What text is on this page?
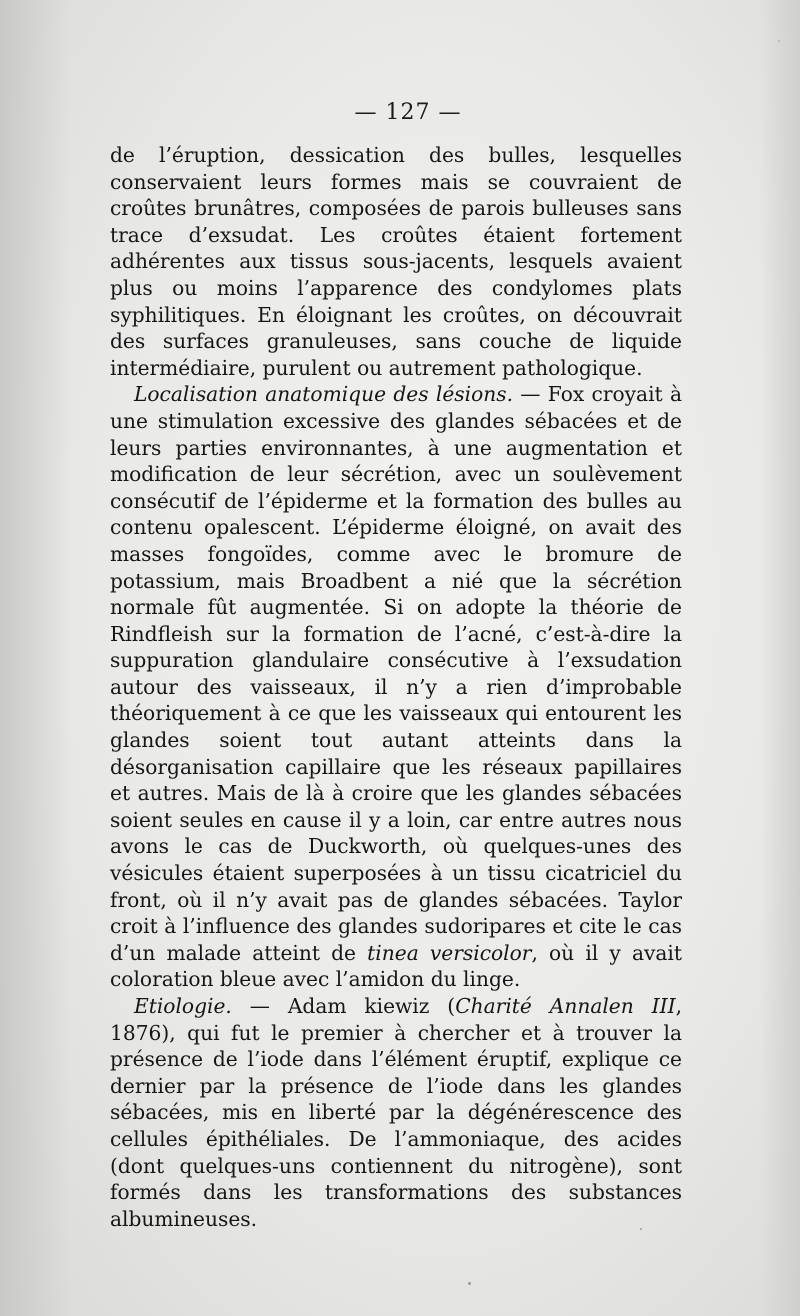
— 127 —

de l’éruption, dessication des bulles, lesquelles conservaient leurs formes mais se couvraient de croûtes brunâtres, composées de parois bulleuses sans trace d’exsudat. Les croûtes étaient fortement adhérentes aux tissus sous-jacents, lesquels avaient plus ou moins l’apparence des condylomes plats syphilitiques. En éloignant les croûtes, on découvrait des surfaces granuleuses, sans couche de liquide intermédiaire, purulent ou autrement pathologique.

Localisation anatomique des lésions. — Fox croyait à une stimulation excessive des glandes sébacées et de leurs parties environnantes, à une augmentation et modification de leur sécrétion, avec un soulèvement consécutif de l’épiderme et la formation des bulles au contenu opalescent. L’épiderme éloigné, on avait des masses fongoïdes, comme avec le bromure de potassium, mais Broadbent a nié que la sécrétion normale fût augmentée. Si on adopte la théorie de Rindfleish sur la formation de l’acné, c’est-à-dire la suppuration glandulaire consécutive à l’exsudation autour des vaisseaux, il n’y a rien d’improbable théoriquement à ce que les vaisseaux qui entourent les glandes soient tout autant atteints dans la désorganisation capillaire que les réseaux papillaires et autres. Mais de là à croire que les glandes sébacées soient seules en cause il y a loin, car entre autres nous avons le cas de Duckworth, où quelques-unes des vésicules étaient superposées à un tissu cicatriciel du front, où il n’y avait pas de glandes sébacées. Taylor croit à l’influence des glandes sudoripares et cite le cas d’un malade atteint de tinea versicolor, où il y avait coloration bleue avec l’amidon du linge.

Etiologie. — Adam kiewiz (Charité Annalen III, 1876), qui fut le premier à chercher et à trouver la présence de l’iode dans l’élément éruptif, explique ce dernier par la présence de l’iode dans les glandes sébacées, mis en liberté par la dégénérescence des cellules épithéliales. De l’ammoniaque, des acides (dont quelques-uns contiennent du nitrogène), sont formés dans les transformations des substances albumineuses.
